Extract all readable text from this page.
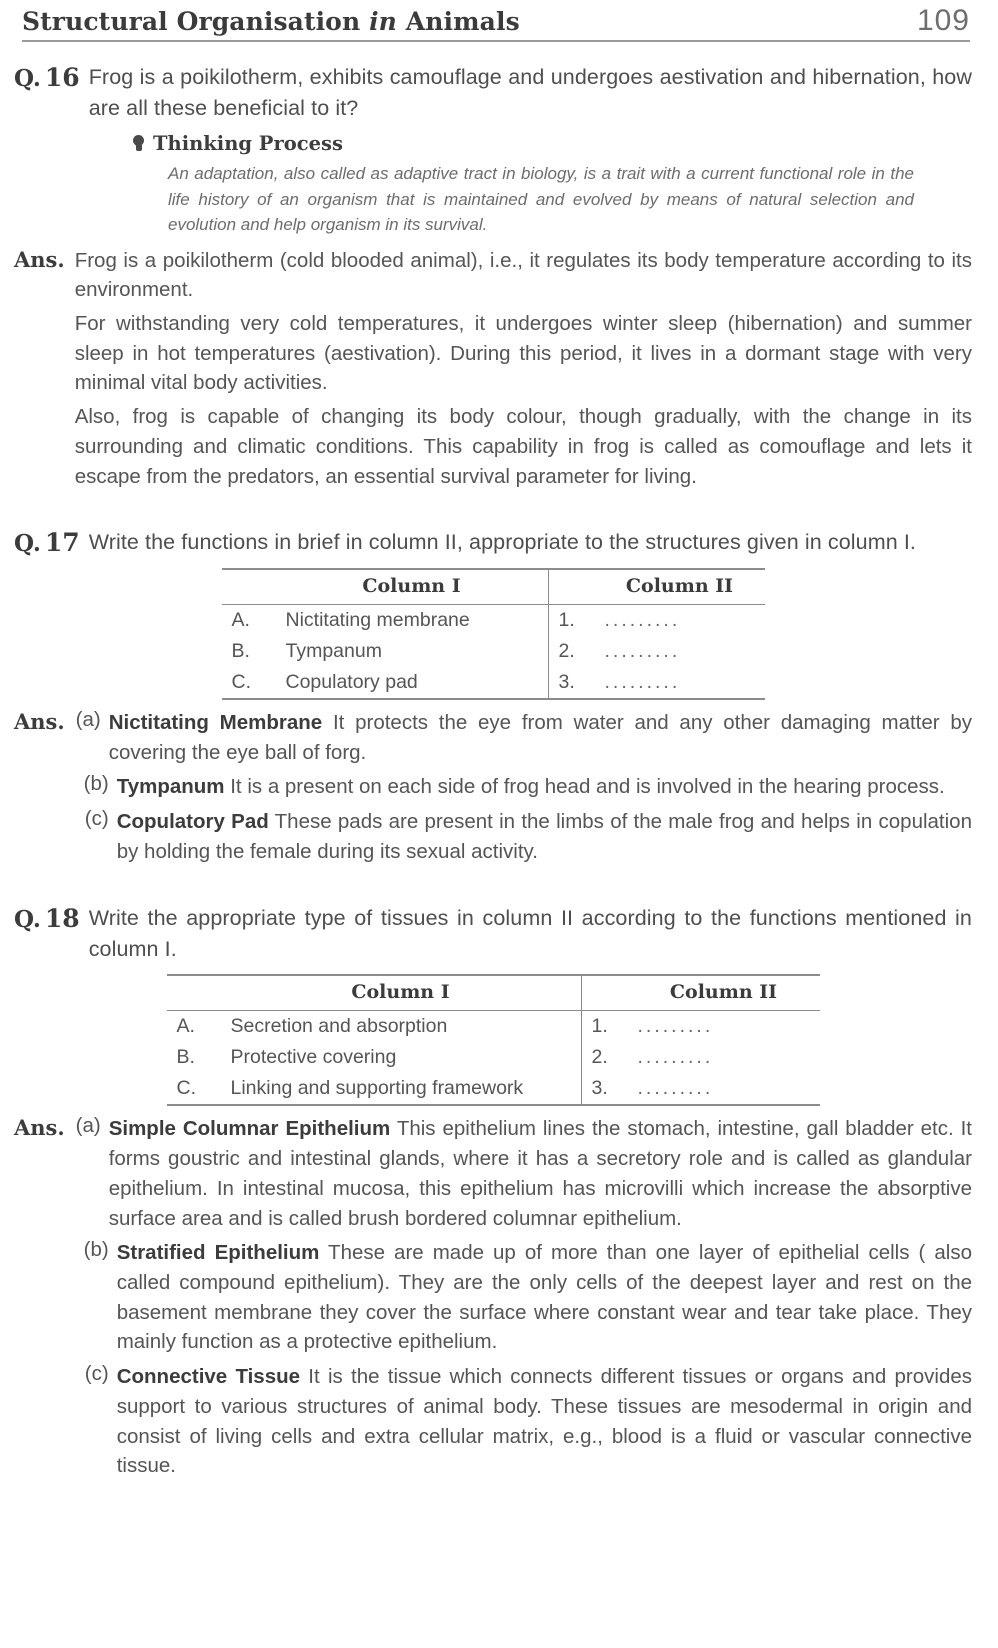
Structural Organisation in Animals	109
Q. 16 Frog is a poikilotherm, exhibits camouflage and undergoes aestivation and hibernation, how are all these beneficial to it?
Thinking Process
An adaptation, also called as adaptive tract in biology, is a trait with a current functional role in the life history of an organism that is maintained and evolved by means of natural selection and evolution and help organism in its survival.
Ans. Frog is a poikilotherm (cold blooded animal), i.e., it regulates its body temperature according to its environment.

For withstanding very cold temperatures, it undergoes winter sleep (hibernation) and summer sleep in hot temperatures (aestivation). During this period, it lives in a dormant stage with very minimal vital body activities.

Also, frog is capable of changing its body colour, though gradually, with the change in its surrounding and climatic conditions. This capability in frog is called as comouflage and lets it escape from the predators, an essential survival parameter for living.

Q. 17 Write the functions in brief in column II, appropriate to the structures given in column I.
	Column I		Column II
A.	Nictitating membrane	1.	.........
B.	Tympanum	2.	.........
C.	Copulatory pad	3.	.........
Ans. (a) Nictitating Membrane It protects the eye from water and any other damaging matter by covering the eye ball of forg.
(b) Tympanum It is a present on each side of frog head and is involved in the hearing process.
(c) Copulatory Pad These pads are present in the limbs of the male frog and helps in copulation by holding the female during its sexual activity.
Q. 18 Write the appropriate type of tissues in column II according to the functions mentioned in column I.
	Column I		Column II
A.	Secretion and absorption	1.	.........
B.	Protective covering	2.	.........
C.	Linking and supporting framework	3.	.........
Ans. (a) Simple Columnar Epithelium This epithelium lines the stomach, intestine, gall bladder etc. It forms goustric and intestinal glands, where it has a secretory role and is called as glandular epithelium. In intestinal mucosa, this epithelium has microvilli which increase the absorptive surface area and is called brush bordered columnar epithelium.
(b) Stratified Epithelium These are made up of more than one layer of epithelial cells ( also called compound epithelium). They are the only cells of the deepest layer and rest on the basement membrane they cover the surface where constant wear and tear take place. They mainly function as a protective epithelium.
(c) Connective Tissue It is the tissue which connects different tissues or organs and provides support to various structures of animal body. These tissues are mesodermal in origin and consist of living cells and extra cellular matrix, e.g., blood is a fluid or vascular connective tissue.
